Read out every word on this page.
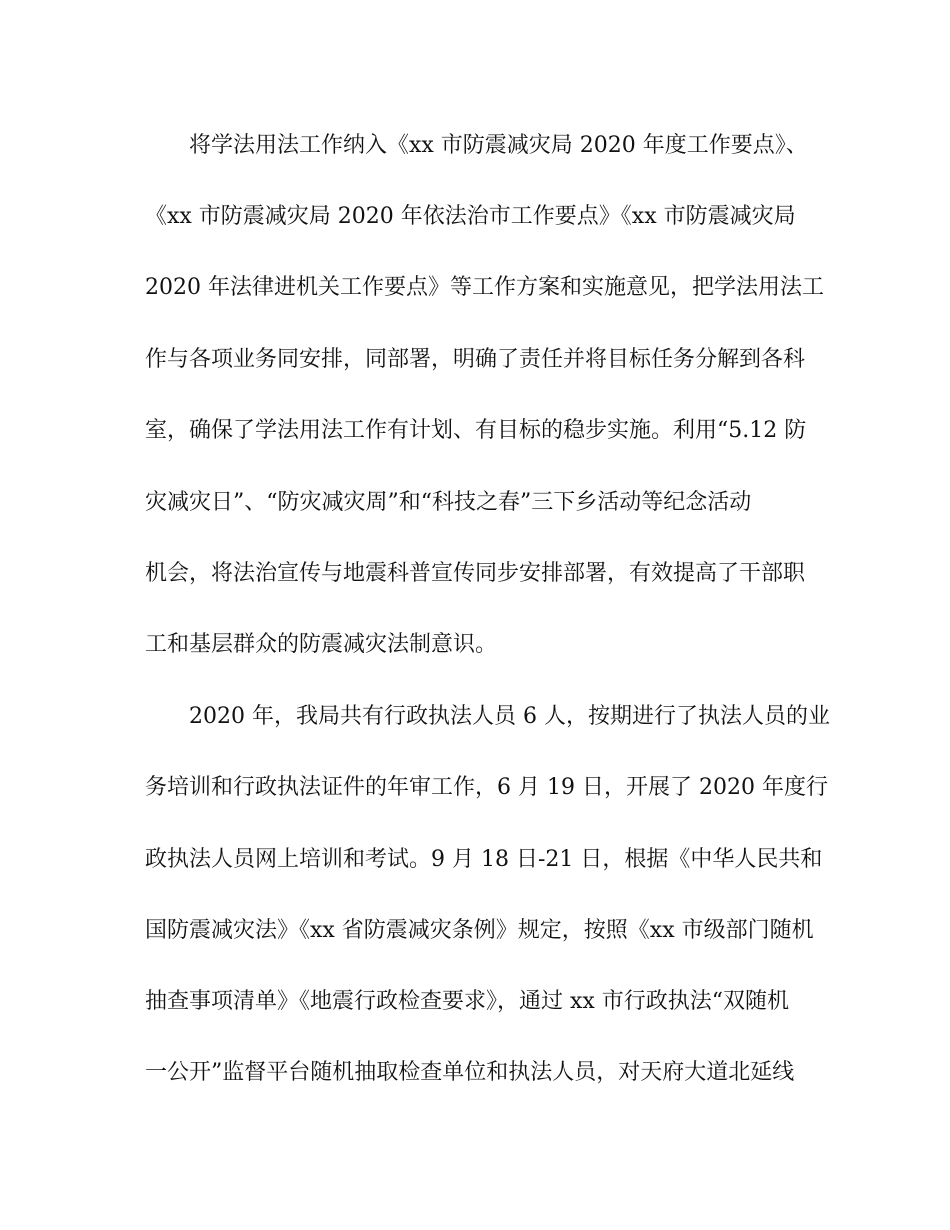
将学法用法工作纳入《xx 市防震减灾局 2020 年度工作要点》、
《xx 市防震减灾局 2020 年依法治市工作要点》《xx 市防震减灾局
2020 年法律进机关工作要点》等工作方案和实施意见，把学法用法工
作与各项业务同安排，同部署，明确了责任并将目标任务分解到各科
室，确保了学法用法工作有计划、有目标的稳步实施。利用“5.12 防
灾减灾日”、“防灾减灾周”和“科技之春”三下乡活动等纪念活动
机会，将法治宣传与地震科普宣传同步安排部署，有效提高了干部职
工和基层群众的防震减灾法制意识。
2020 年，我局共有行政执法人员 6 人，按期进行了执法人员的业
务培训和行政执法证件的年审工作，6 月 19 日，开展了 2020 年度行
政执法人员网上培训和考试。9 月 18 日-21 日，根据《中华人民共和
国防震减灾法》《xx 省防震减灾条例》规定，按照《xx 市级部门随机
抽查事项清单》《地震行政检查要求》，通过 xx 市行政执法“双随机
一公开”监督平台随机抽取检查单位和执法人员，对天府大道北延线
